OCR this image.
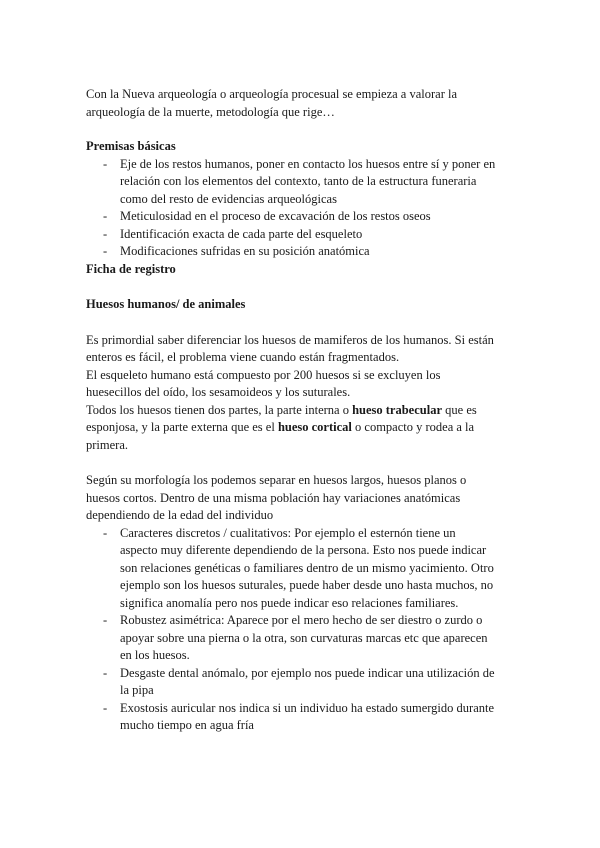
Con la Nueva arqueología o arqueología procesual se empieza a valorar la arqueología de la muerte, metodología que rige…

Premisas básicas

- Eje de los restos humanos, poner en contacto los huesos entre sí y poner en relación con los elementos del contexto, tanto de la estructura funeraria como del resto de evidencias arqueológicas
- Meticulosidad en el proceso de excavación de los restos oseos
- Identificación exacta de cada parte del esqueleto
- Modificaciones sufridas en su posición anatómica

Ficha de registro

Huesos humanos/ de animales

Es primordial saber diferenciar los huesos de mamiferos de los humanos. Si están enteros es fácil, el problema viene cuando están fragmentados.

El esqueleto humano está compuesto por 200 huesos si se excluyen los huesecillos del oído, los sesamoideos y los suturales.

Todos los huesos tienen dos partes, la parte interna o hueso trabecular que es esponjosa, y la parte externa que es el hueso cortical o compacto y rodea a la primera.

Según su morfología los podemos separar en huesos largos, huesos planos o huesos cortos. Dentro de una misma población hay variaciones anatómicas dependiendo de la edad del individuo

- Caracteres discretos / cualitativos: Por ejemplo el esternón tiene un aspecto muy diferente dependiendo de la persona. Esto nos puede indicar son relaciones genéticas o familiares dentro de un mismo yacimiento. Otro ejemplo son los huesos suturales, puede haber desde uno hasta muchos, no significa anomalía pero nos puede indicar eso relaciones familiares.
- Robustez asimétrica: Aparece por el mero hecho de ser diestro o zurdo o apoyar sobre una pierna o la otra, son curvaturas marcas etc que aparecen en los huesos.
- Desgaste dental anómalo, por ejemplo nos puede indicar una utilización de la pipa
- Exostosis auricular nos indica si un individuo ha estado sumergido durante mucho tiempo en agua fría
